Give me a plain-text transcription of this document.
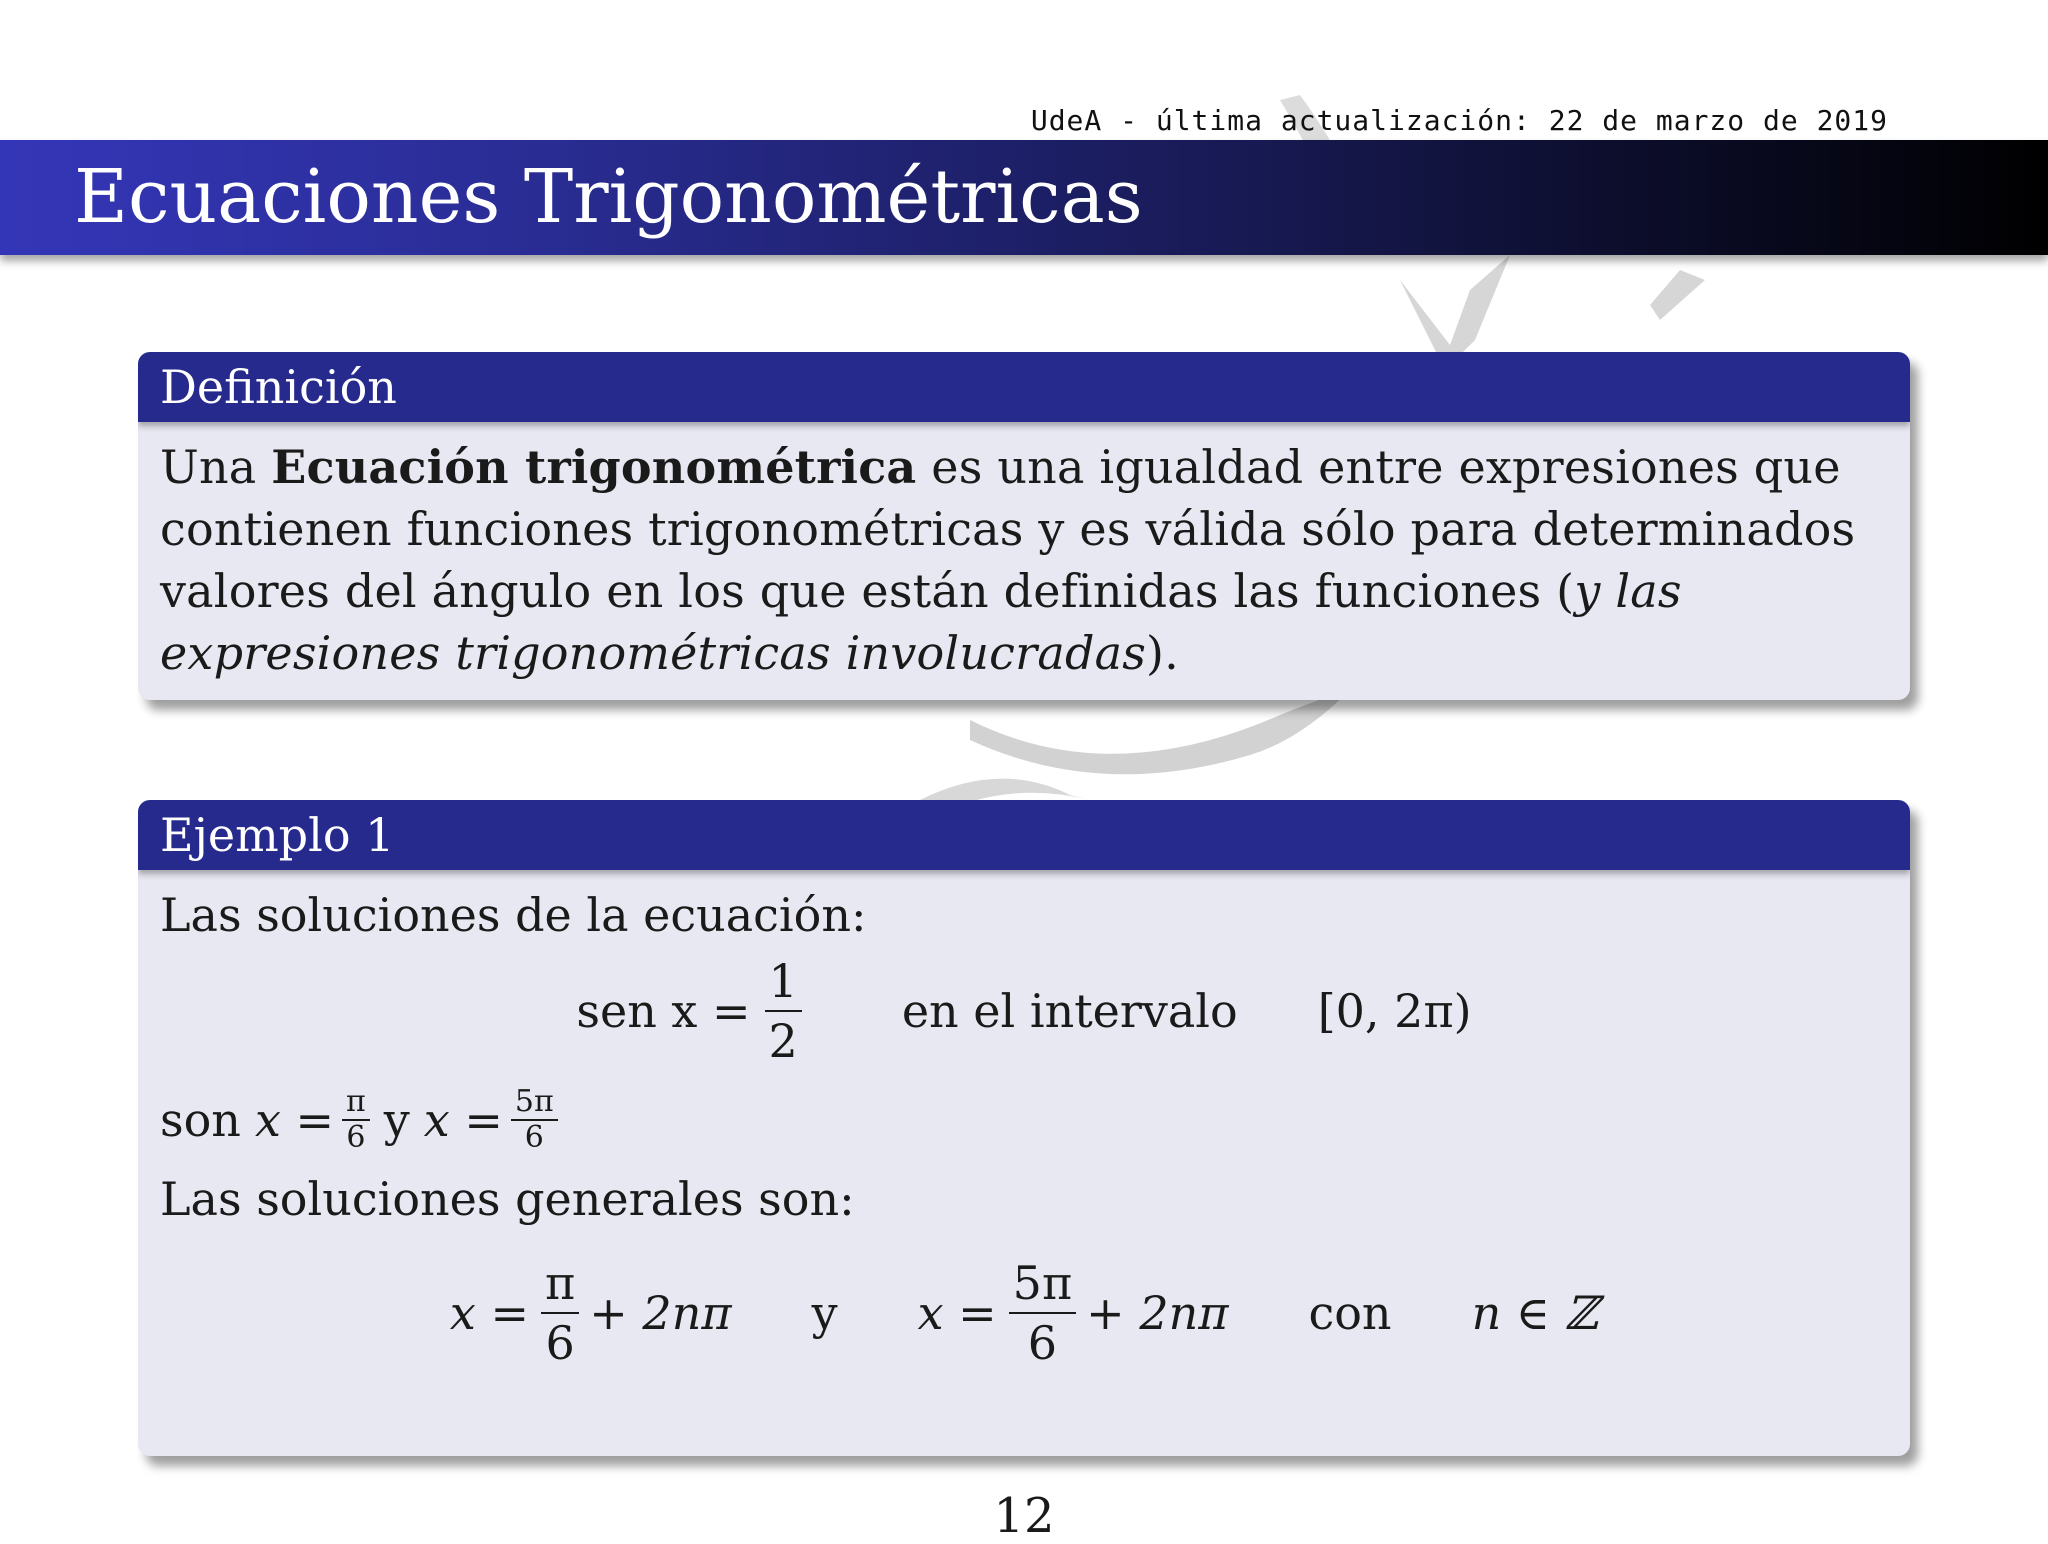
UdeA - última actualización: 22 de marzo de 2019
Ecuaciones Trigonométricas
Definición
Una Ecuación trigonométrica es una igualdad entre expresiones que contienen funciones trigonométricas y es válida sólo para determinados valores del ángulo en los que están definidas las funciones (y las expresiones trigonométricas involucradas).
Ejemplo 1
Las soluciones de la ecuación:
sen $x = \frac{1}{2}$ en el intervalo [0, 2π)
son $x = \frac{\pi}{6}$ y $x = \frac{5\pi}{6}$
Las soluciones generales son:
$x = \frac{\pi}{6} + 2n\pi$ y $x = \frac{5\pi}{6} + 2n\pi$ con n ∈ ℤ
12
